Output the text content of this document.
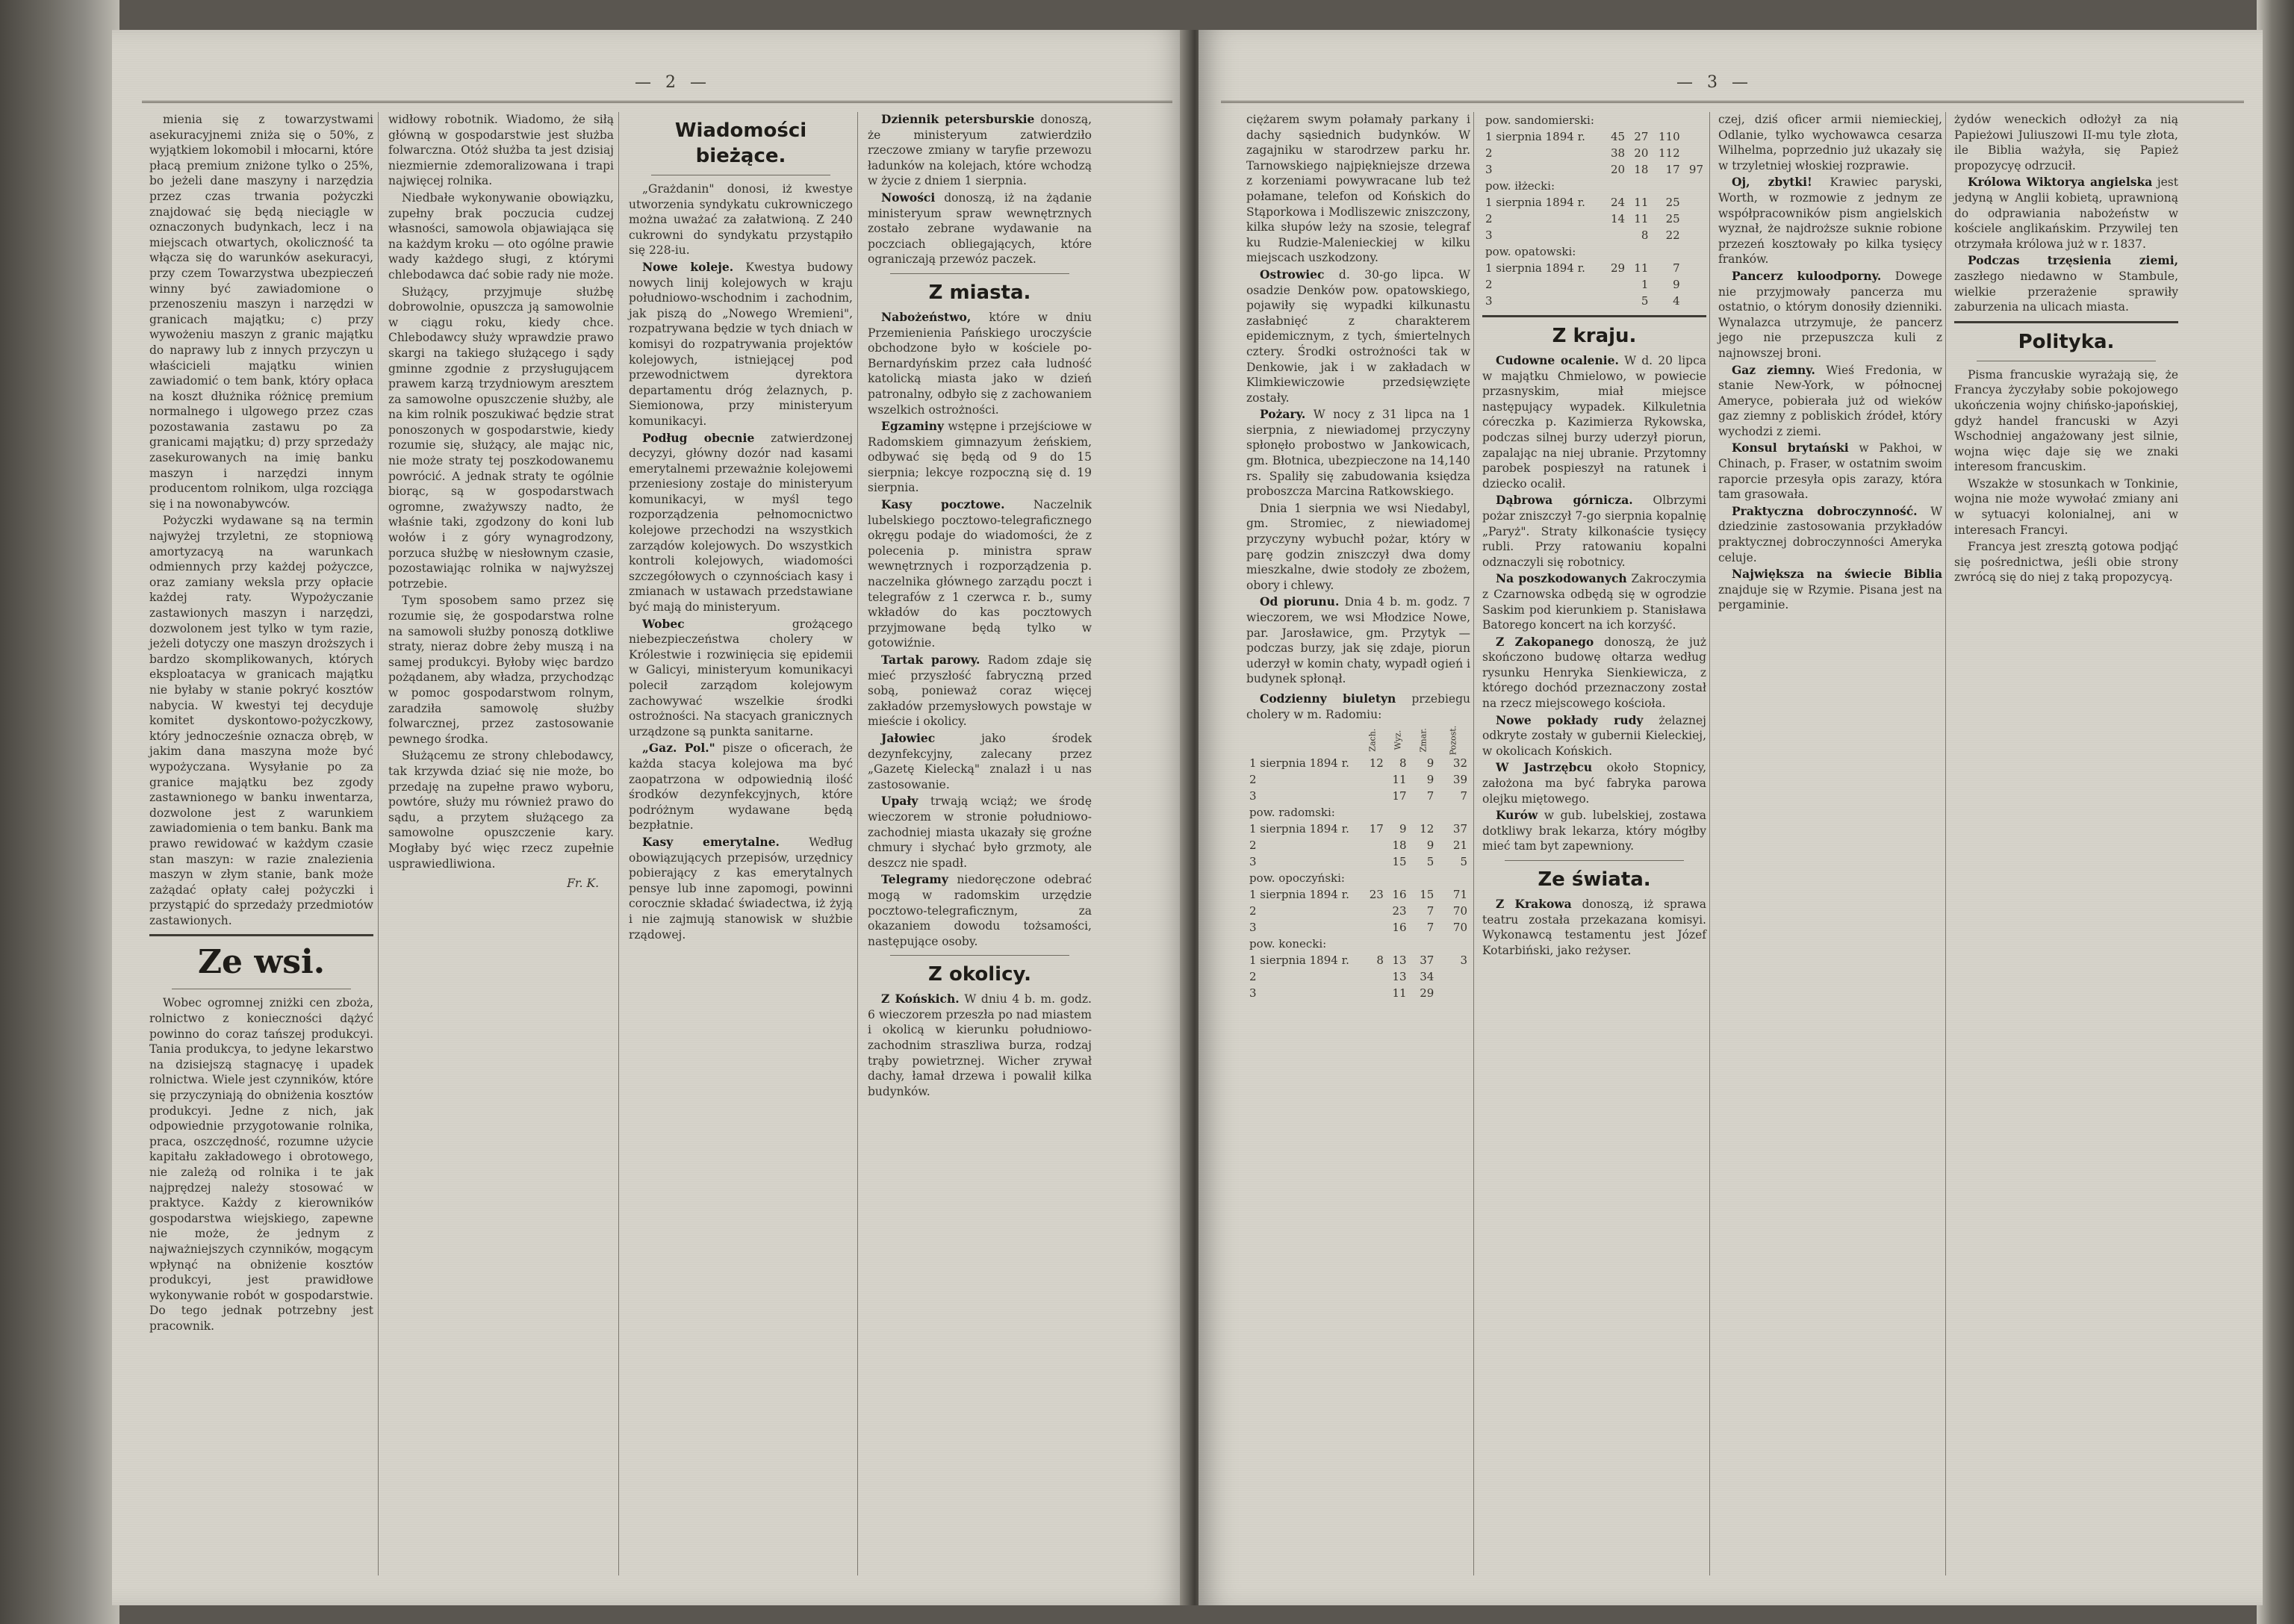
— 2 —

mienia się z towarzystwami asekuracyjnemi zniża się o 50%, z wyjątkiem lokomobil i młocarni, które płacą premium zniżone tylko o 25%, bo jeżeli dane maszyny i narzędzia przez czas trwania pożyczki znajdować się będą nieciągle w oznaczonych budynkach, lecz i na miejscach otwartych, okoliczność ta włącza się do warunków asekuracyi, przy czem Towarzystwa ubezpieczeń winny być zawiadomione o przenoszeniu maszyn i narzędzi w granicach majątku; c) przy wywożeniu maszyn z granic majątku do naprawy lub z innych przyczyn u właścicieli majątku winien zawiadomić o tem bank, który opłaca na koszt dłużnika różnicę premium normalnego i ulgowego przez czas pozostawania zastawu po za granicami majątku; d) przy sprzedaży zasekurowanych na imię banku maszyn i narzędzi innym producentom rolnikom, ulga rozciąga się i na nowonabywców.

Pożyczki wydawane są na termin najwyżej trzyletni, ze stopniową amortyzacyą na warunkach odmiennych przy każdej pożyczce, oraz zamiany weksla przy opłacie każdej raty. Wypożyczanie zastawionych maszyn i narzędzi, dozwolonem jest tylko w tym razie, jeżeli dotyczy one maszyn droższych i bardzo skomplikowanych, których eksploatacya w granicach majątku nie byłaby w stanie pokryć kosztów nabycia. W kwestyi tej decyduje komitet dyskontowo-pożyczkowy, który jednocześnie oznacza obręb, w jakim dana maszyna może być wypożyczana. Wysyłanie po za granice majątku bez zgody zastawnionego w banku inwentarza, dozwolone jest z warunkiem zawiadomienia o tem banku. Bank ma prawo rewidować w każdym czasie stan maszyn: w razie znalezienia maszyn w złym stanie, bank może zażądać opłaty całej pożyczki i przystąpić do sprzedaży przedmiotów zastawionych.

Ze wsi.

Wobec ogromnej zniżki cen zboża, rolnictwo z konieczności dążyć powinno do coraz tańszej produkcyi. Tania produkcya, to jedyne lekarstwo na dzisiejszą stagnacyę i upadek rolnictwa. Wiele jest czynników, które się przyczyniają do obniżenia kosztów produkcyi. Jedne z nich, jak odpowiednie przygotowanie rolnika, praca, oszczędność, rozumne użycie kapitału zakładowego i obrotowego, nie zależą od rolnika i te jak najprędzej należy stosować w praktyce. Każdy z kierowników gospodarstwa wiejskiego, zapewne nie może, że jednym z najważniejszych czynników, mogącym wpłynąć na obniżenie kosztów produkcyi, jest prawidłowe wykonywanie robót w gospodarstwie. Do tego jednak potrzebny jest pracownik.

widłowy robotnik. Wiadomo, że siłą główną w gospodarstwie jest służba folwarczna. Otóż służba ta jest dzisiaj niezmiernie zdemoralizowana i trapi najwięcej rolnika.

Niedbałe wykonywanie obowiązku, zupełny brak poczucia cudzej własności, samowola objawiająca się na każdym kroku — oto ogólne prawie wady każdego sługi, z którymi chlebodawca dać sobie rady nie może.

Służący, przyjmuje służbę dobrowolnie, opuszcza ją samowolnie w ciągu roku, kiedy chce. Chlebodawcy służy wprawdzie prawo skargi na takiego służącego i sądy gminne zgodnie z przysługującem prawem karzą trzydniowym aresztem za samowolne opuszczenie służby, ale na kim rolnik poszukiwać będzie strat ponoszonych w gospodarstwie, kiedy rozumie się, służący, ale mając nic, nie może straty tej poszkodowanemu powrócić. A jednak straty te ogólnie biorąc, są w gospodarstwach ogromne, zważywszy nadto, że właśnie taki, zgodzony do koni lub wołów i z góry wynagrodzony, porzuca służbę w niesłownym czasie, pozostawiając rolnika w najwyższej potrzebie.

Tym sposobem samo przez się rozumie się, że gospodarstwa rolne na samowoli służby ponoszą dotkliwe straty, nieraz dobre żeby muszą i na samej produkcyi. Byłoby więc bardzo pożądanem, aby władza, przychodząc w pomoc gospodarstwom rolnym, zaradziła samowolę służby folwarcznej, przez zastosowanie pewnego środka.

Służącemu ze strony chlebodawcy, tak krzywda dziać się nie może, bo przedaję na zupełne prawo wyboru, powtóre, służy mu również prawo do sądu, a przytem służącego za samowolne opuszczenie kary. Mogłaby być więc rzecz zupełnie usprawiedliwiona.

Fr. K.
Wiadomości bieżące.

„Grażdanin" donosi, iż kwestye utworzenia syndykatu cukrowniczego można uważać za załatwioną. Z 240 cukrowni do syndykatu przystąpiło się 228-iu.

Nowe koleje. Kwestya budowy nowych linij kolejowych w kraju południowo-wschodnim i zachodnim, jak piszą do „Nowego Wremieni", rozpatrywana będzie w tych dniach w komisyi do rozpatrywania projektów kolejowych, istniejącej pod przewodnictwem dyrektora departamentu dróg żelaznych, p. Siemionowa, przy ministeryum komunikacyi.

Podług obecnie zatwierdzonej decyzyi, główny dozór nad kasami emerytalnemi przeważnie kolejowemi przeniesiony zostaje do ministeryum komunikacyi, w myśl tego rozporządzenia pełnomocnictwo kolejowe przechodzi na wszystkich zarządów kolejowych. Do wszystkich kontroli kolejowych, wiadomości szczegółowych o czynnościach kasy i zmianach w ustawach przedstawiane być mają do ministeryum.

Wobec	grożącego niebezpieczeństwa cholery w Królestwie i rozwinięcia się epidemii w Galicyi, ministeryum komunikacyi polecił zarządom kolejowym zachowywać wszelkie środki ostrożności. Na stacyach granicznych urządzone są punkta sanitarne.

„Gaz. Pol." pisze o oficerach, że każda stacya kolejowa ma być zaopatrzona w odpowiednią ilość środków dezynfekcyjnych, które podróżnym wydawane będą bezpłatnie.

Kasy emerytalne.	Według obowiązujących przepisów, urzędnicy pobierający z kas emerytalnych pensye lub inne zapomogi, powinni corocznie składać świadectwa, iż żyją i nie zajmują stanowisk w służbie rządowej.

Dziennik petersburskie donoszą, że ministeryum zatwierdziło rzeczowe zmiany w taryfie przewozu ładunków na kolejach, które wchodzą w życie z dniem 1 sierpnia.

Nowości donoszą, iż na żądanie ministeryum spraw wewnętrznych zostało zebrane wydawanie na poczciach obliegających, które ograniczają przewóz paczek.

Z miasta.

Nabożeństwo, które w dniu Przemienienia Pańskiego uroczyście obchodzone było w kościele po-Bernardyńskim przez cała ludność katolicką miasta jako w dzień patronalny, odbyło się z zachowaniem wszelkich ostrożności.

Egzaminy wstępne i przejściowe w Radomskiem gimnazyum żeńskiem, odbywać się będą od 9 do 15 sierpnia; lekcye rozpoczną się d. 19 sierpnia.

Kasy pocztowe. Naczelnik lubelskiego pocztowo-telegraficznego okręgu podaje do wiadomości, że z polecenia p. ministra spraw wewnętrznych i rozporządzenia p. naczelnika głównego zarządu poczt i telegrafów z 1 czerwca r. b., sumy wkładów do kas pocztowych przyjmowane będą tylko w gotowiźnie.

Tartak parowy. Radom zdaje się mieć przyszłość fabryczną przed sobą, ponieważ coraz więcej zakładów przemysłowych powstaje w mieście i okolicy.

Jałowiec	jako środek dezynfekcyjny, zalecany przez „Gazetę Kielecką" znalazł i u nas zastosowanie.

Upały trwają wciąż; we środę wieczorem w stronie południowo-zachodniej miasta ukazały się groźne chmury i słychać było grzmoty, ale deszcz nie spadł.

Telegramy niedoręczone odebrać mogą w radomskim urzędzie pocztowo-telegraficznym, za okazaniem dowodu tożsamości, następujące osoby.

Z okolicy.

Z Końskich. W dniu 4 b. m. godz. 6 wieczorem przeszła po nad miastem i okolicą w kierunku południowo-zachodnim straszliwa burza, rodzaj trąby powietrznej. Wicher zrywał dachy, łamał drzewa i powalił kilka budynków.

— 3 —

ciężarem swym połamały parkany i dachy sąsiednich budynków. W zagajniku w starodrzew parku hr. Tarnowskiego najpiękniejsze drzewa z korzeniami powywracane lub też połamane, telefon od Końskich do Stąporkowa i Modliszewic zniszczony, kilka słupów leży na szosie, telegraf ku Rudzie-Malenieckiej w kilku miejscach uszkodzony.

Ostrowiec d. 30-go lipca. W osadzie Denków pow. opatowskiego, pojawiły się wypadki kilkunastu zasłabnięć z charakterem epidemicznym, z tych, śmiertelnych cztery. Środki ostrożności tak w Denkowie, jak i w zakładach w Klimkiewiczowie przedsięwzięte zostały.

Pożary. W nocy z 31 lipca na 1 sierpnia, z niewiadomej przyczyny spłonęło probostwo w Jankowicach, gm. Błotnica, ubezpieczone na 14,140 rs. Spaliły się zabudowania księdza proboszcza Marcina Ratkowskiego.

Dnia 1 sierpnia we wsi Niedabyl, gm. Stromiec, z niewiadomej przyczyny wybuchł pożar, który w parę godzin zniszczył dwa domy mieszkalne, dwie stodoły ze zbożem, obory i chlewy.

Od piorunu. Dnia 4 b. m. godz. 7 wieczorem, we wsi Młodzice Nowe, par. Jarosławice, gm. Przytyk — podczas burzy, jak się zdaje, piorun uderzył w komin chaty, wypadł ogień i budynek spłonął.

Codzienny biuletyn przebiegu cholery w m. Radomiu:

	Zach.	Wyz.	Zmar.	Pozost.
1 sierpnia 1894 r.	12	8	9	32
2		11	9	39
3		17	7	7
pow. radomski:				
1 sierpnia 1894 r.	17	9	12	37
2		18	9	21
3		15	5	5
pow. opoczyński:				
1 sierpnia 1894 r.	23	16	15	71
2		23	7	70
3		16	7	70
pow. konecki:				
1 sierpnia 1894 r.	8	13	37	3
2		13	34	
3		11	29	
pow. sandomierski:				
1 sierpnia 1894 r.	45	27	110	
2	38	20	112	
3	20	18	17	97
pow. iłżecki:				
1 sierpnia 1894 r.	24	11	25	
2	14	11	25	
3		8	22	
pow. opatowski:				
1 sierpnia 1894 r.	29	11	7	
2		1	9	
3		5	4	
Z kraju.

Cudowne ocalenie. W d. 20 lipca w majątku Chmielowo, w powiecie przasnyskim, miał miejsce następujący wypadek. Kilkuletnia córeczka p. Kazimierza Rykowska, podczas silnej burzy uderzył piorun, zapalając na niej ubranie. Przytomny parobek pospieszył na ratunek i dziecko ocalił.

Dąbrowa górnicza. Olbrzymi pożar zniszczył 7-go sierpnia kopalnię „Paryż". Straty kilkonaście tysięcy rubli. Przy ratowaniu kopalni odznaczyli się robotnicy.

Na poszkodowanych Zakroczymia z Czarnowska odbędą się w ogrodzie Saskim pod kierunkiem p. Stanisława Batorego koncert na ich korzyść.

Z Zakopanego donoszą, że już skończono budowę ołtarza według rysunku Henryka Sienkiewicza, z którego dochód przeznaczony został na rzecz miejscowego kościoła.

Nowe pokłady rudy żelaznej odkryte zostały w gubernii Kieleckiej, w okolicach Końskich.

W Jastrzębcu około Stopnicy, założona ma być fabryka parowa olejku miętowego.

Kurów w gub. lubelskiej, zostawa dotkliwy brak lekarza, który mógłby mieć tam byt zapewniony.

Ze świata.

Z Krakowa donoszą, iż sprawa teatru została przekazana komisyi. Wykonawcą testamentu jest Józef Kotarbiński, jako reżyser.

czej, dziś oficer armii niemieckiej, Odlanie, tylko wychowawca cesarza Wilhelma, poprzednio już ukazały się w trzyletniej włoskiej rozprawie.

Oj, zbytki! Krawiec paryski, Worth, w rozmowie z jednym ze współpracowników pism angielskich wyznał, że najdroższe suknie robione przezeń kosztowały po kilka tysięcy franków.

Pancerz kuloodporny. Dowege nie przyjmowały pancerza mu ostatnio, o którym donosiły dzienniki. Wynalazca utrzymuje, że pancerz jego nie przepuszcza kuli z najnowszej broni.

Gaz ziemny. Wieś Fredonia, w stanie New-York, w północnej Ameryce, pobierała już od wieków gaz ziemny z pobliskich źródeł, który wychodzi z ziemi.

Konsul brytański w Pakhoi, w Chinach, p. Fraser, w ostatnim swoim raporcie przesyła opis zarazy, która tam grasowała.

Praktyczna dobroczynność. W dziedzinie zastosowania przykładów praktycznej dobroczynności Ameryka celuje.

Największa na świecie Biblia znajduje się w Rzymie. Pisana jest na pergaminie.

żydów weneckich odłożył za nią Papieżowi Juliuszowi II-mu tyle złota, ile Biblia ważyła, się Papież propozycyę odrzucił.

Królowa Wiktorya angielska jest jedyną w Anglii kobietą, uprawnioną do odprawiania nabożeństw w kościele anglikańskim. Przywilej ten otrzymała królowa już w r. 1837.

Podczas trzęsienia ziemi, zaszłego niedawno w Stambule, wielkie przerażenie sprawiły zaburzenia na ulicach miasta.

Polityka.

Pisma francuskie wyrażają się, że Francya życzyłaby sobie pokojowego ukończenia wojny chińsko-japońskiej, gdyż handel francuski w Azyi Wschodniej angażowany jest silnie, wojna więc daje się we znaki interesom francuskim.

Wszakże w stosunkach w Tonkinie, wojna nie może wywołać zmiany ani w sytuacyi kolonialnej, ani w interesach Francyi.

Francya jest zresztą gotowa podjąć się pośrednictwa, jeśli obie strony zwrócą się do niej z taką propozycyą.
